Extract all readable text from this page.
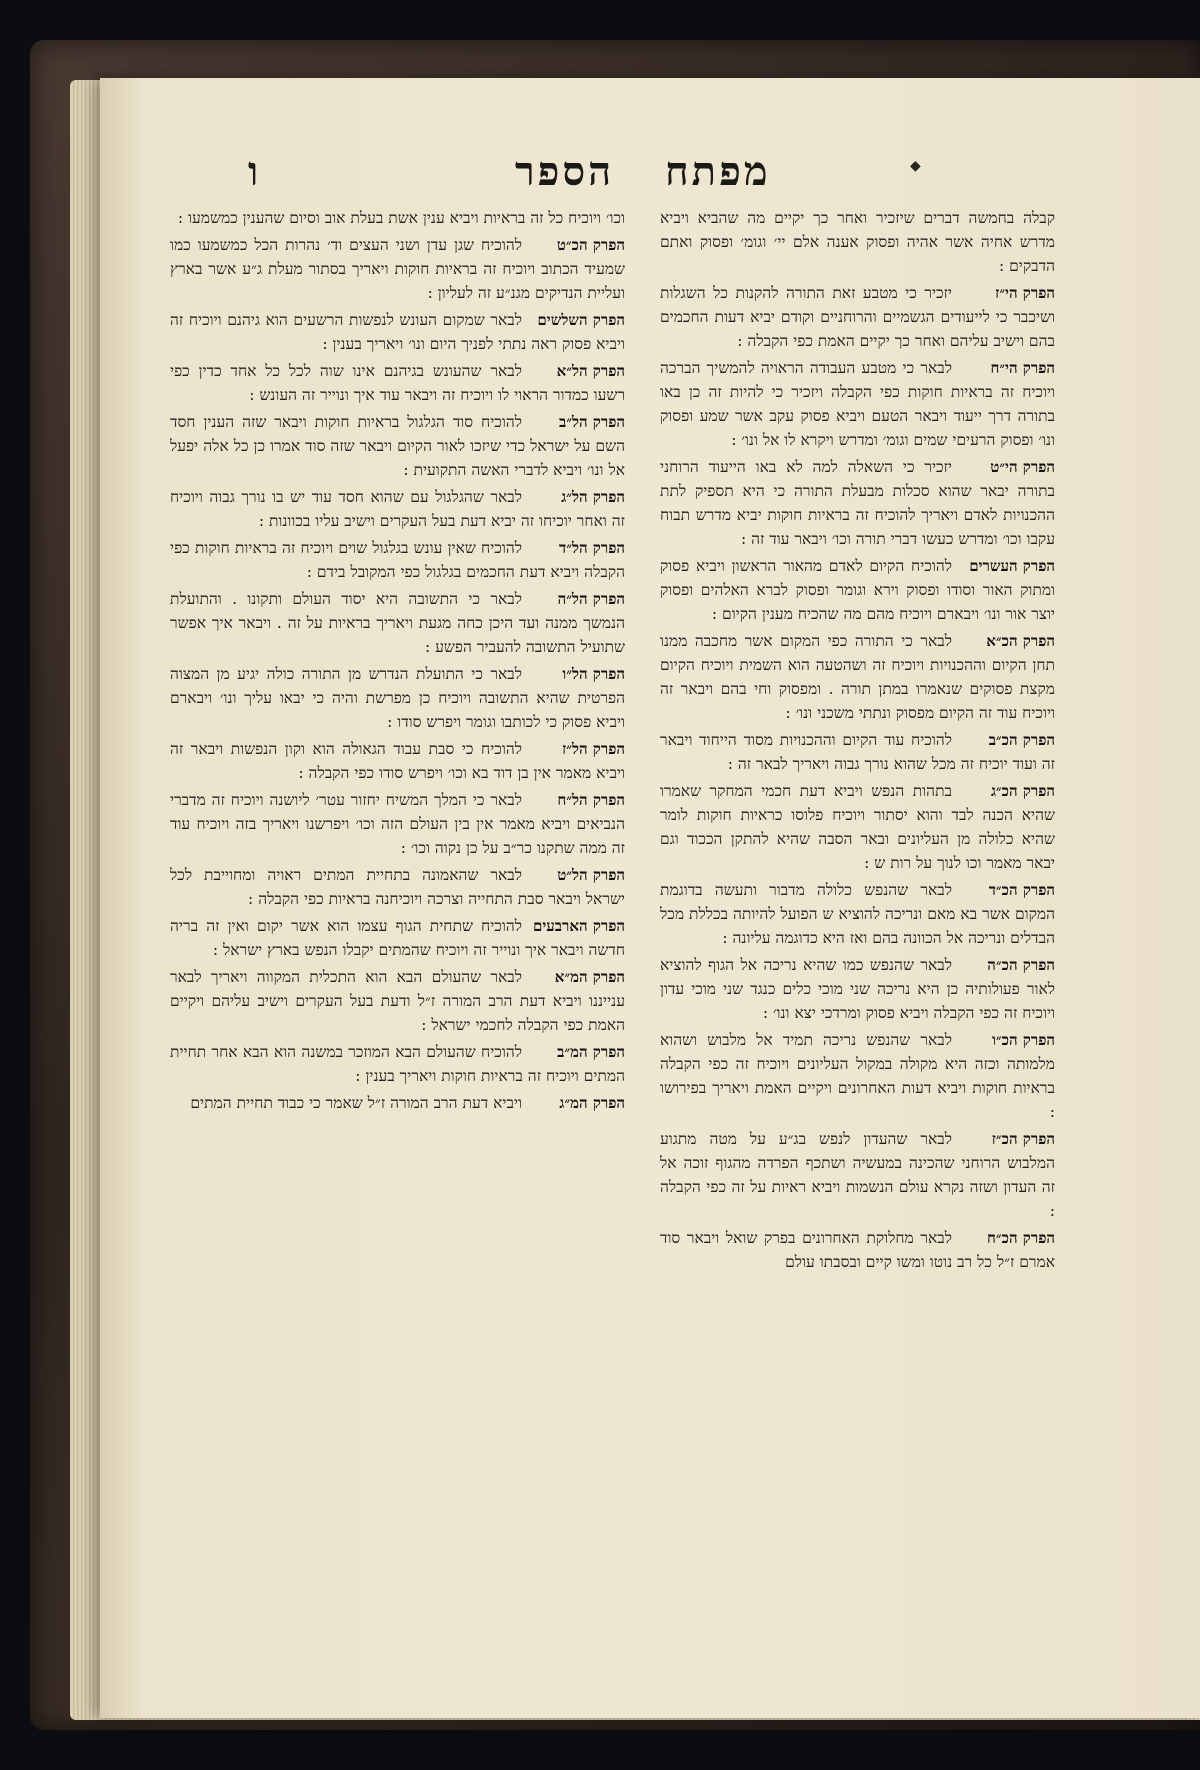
ו	הספר מפתח	◆
קבלה בחמשה דברים שיזכיר ואחר כך יקיים מה שהביא ויביא מדרש אחיה אשר אהיה ופסוק אענה אלם יי׳ וגומ׳ ופסוק ואתם הדבקים :
הפרק הי״ז
יזכיר כי מטבע זאת התורה להקנות כל השגלות ושיכבר כי לייעודים הגשמיים והרוחניים וקודם יביא דעות החכמים בהם וישיב עליהם ואחר כך יקיים האמת כפי הקבלה :
הפרק הי״ח
לבאר כי מטבע העבודה הראויה להמשיך הברכה ויוכיח זה בראיות חוקות כפי הקבלה ויזכיר כי להיות זה כן באו בתורה דרך ייעוד ויבאר הטעם ויביא פסוק עקב אשר שמע ופסוק ונו׳ ופסוק הרעיםי שמים וגומ׳ ומדרש ויקרא לו אל ונו׳ :
הפרק הי״ט
יזכיר כי השאלה למה לא באו הייעוד הרוחני בתורה יבאר שהוא סכלות מבעלת התורה כי היא תספיק לתת ההכנויות לאדם ויאריך להוכיח זה בראיות חוקות יביא מדרש תבוח עקבו וכו׳ ומדרש כעשו דברי תורה וכו׳ ויבאר עוד זה :
הפרק העשרים
להוכיח הקיום לאדם מהאור הראשון ויביא פסוק ומתוק האור וסודו ופסוק וירא וגומר ופסוק לברא האלהים ופסוק יוצר אור ונו׳ ויבארם ויוכיח מהם מה שהכיח מענין הקיום :
הפרק הכ״א
לבאר כי התורה כפי המקום אשר מחכבה ממנו תחן הקיום וההכנויות ויוכיח זה ושהטעה הוא השמית ויוכיח הקיום מקצת פסוקים שנאמרו במתן תורה . ומפסוק וחי בהם ויבאר זה ויוכיח עוד זה הקיום מפסוק ונתתי משכני ונו׳ :
הפרק הכ״ב
להוכיח עוד הקיום וההכנויות מסוד הייחוד ויבאר זה ועוד יוכיח זה מכל שהוא נורך גבוה ויאריך לבאר זה :
הפרק הכ״ג
בתהות הנפש ויביא דעת חכמי המחקר שאמרו שהיא הכנה לבד והוא יסתור ויוכיח פלוסו כראיות חוקות לומר שהיא כלולה מן העליונים ובאר הסבה שהיא להתקן הככוד וגם יבאר מאמר וכו לנוך על רות ש :
הפרק הכ״ד
לבאר שהנפש כלולה מדבור ותעשה בדוגמת המקום אשר בא מאם ונריכה להוציא ש הפועל להיותה בכללת מכל הבדלים ונריכה אל הכוונה בהם ואז היא כדוגמה עליונה :
הפרק הכ״ה
לבאר שהנפש כמו שהיא נריכה אל הגוף להוציא לאור פעולותיה כן היא נריכה שני מוכי כלים כנגד שני מוכי עדון ויוכיח זה כפי הקבלה ויביא פסוק ומרדכי יצא ונו׳ :
הפרק הכ״ו
לבאר שהנפש נריכה תמיד אל מלבוש ושהוא מלמותה וכזה היא מקולה במקול העליונים ויוכיח זה כפי הקבלה בראיות חוקות ויביא דעות האחרונים ויקיים האמת ויאריך בפירושו :
הפרק הכ״ז
לבאר שהעדון לנפש בג״ע על מטה מתגוע המלבוש הרוחני שהכינה במעשיה ושתכף הפרדה מהגוף זוכה אל זה העדון ושזה נקרא עולם הנשמות ויביא ראיות על זה כפי הקבלה :
הפרק הכ״ח
לבאר מחלוקת האחרונים בפרק שואל ויבאר סוד אמרם ז״ל כל רב נוטו ומשו קיים ובסבתו עולם
וכו׳ ויוכיח כל זה בראיות ויביא ענין אשת בעלת אוב וסיום שהענין כמשמעו :
הפרק הכ״ט
להוכיח שגן עדן ושני העצים וד׳ נהרות הכל כמשמעו כמו שמעיד הכתוב ויוכיח זה בראיות חוקות ויאריך בסתור מעלת ג״ע אשר בארץ ועליית הנדיקים מגנ״ע זה לעליון :
הפרק השלשים
לבאר שמקום העונש לנפשות הרשעים הוא גיהנם ויוכיח זה ויביא פסוק ראה נתתי לפניך היום ונו׳ ויאריך בענין :
הפרק הל״א
לבאר שהעונש בגיהנם אינו שוה לכל כל אחד כדין כפי רשעו כמדור הראוי לו ויוכיח זה ויבאר עוד איך ונוייר זה העונש :
הפרק הל״ב
להוכיח סוד הגלגול בראיות חוקות ויבאר שזה הענין חסד השם על ישראל כדי שיזכו לאור הקיום ויבאר שזה סוד אמרו כן כל אלה יפעל אל ונו׳ ויביא לדברי האשה התקועית :
הפרק הל״ג
לבאר שהגלגול עם שהוא חסד עוד יש בו נורך גבוה ויוכיח זה ואחר יוכיחו זה יביא דעת בעל העקרים וישיב עליו בכוונות :
הפרק הל״ד
להוכיח שאין עונש בגלגול שוים ויוכיח זה בראיות חוקות כפי הקבלה ויביא דעת החכמים בגלגול כפי המקובל בידם :
הפרק הל״ה
לבאר כי התשובה היא יסוד העולם ותקונו . והתועלת הנמשך ממנה ועד היכן כחה מגעת ויאריך בראיות על זה . ויבאר איך אפשר שתועיל התשובה להעביר הפשע :
הפרק הל״ו
לבאר כי התועלת הנדרש מן התורה כולה יגיע מן המצוה הפרטית שהיא התשובה ויוכיח כן מפרשת והיה כי יבאו עליך ונו׳ ויבארם ויביא פסוק כי לכותבו וגומר ויפרש סודו :
הפרק הל״ז
להוכיח כי סבת עבוד הגאולה הוא וקון הנפשות ויבאר זה ויביא מאמר אין בן דוד בא וכו׳ ויפרש סודו כפי הקבלה :
הפרק הל״ח
לבאר כי המלך המשיח יחזור עטר׳ ליושנה ויוכיח זה מדברי הנביאים ויביא מאמר אין בין העולם הזה וכו׳ ויפרשנו ויאריך בזה ויוכיח עוד זה ממה שתקנו כר״ב על כן נקוה וכו׳ :
הפרק הל״ט
לבאר שהאמונה בתחיית המתים ראויה ומחוייבת לכל ישראל ויבאר סבת התחייה וצרכה ויוכיחנה בראיות כפי הקבלה :
הפרק הארבעים
להוכיח שתחית הגוף עצמו הוא אשר יקום ואין זה בריה חדשה ויבאר איך ונוייר זה ויוכיח שהמתים יקבלו הנפש בארץ ישראל :
הפרק המ״א
לבאר שהעולם הבא הוא התכלית המקווה ויאריך לבאר ענייננו ויביא דעת הרב המורה ז״ל ודעת בעל העקרים וישיב עליהם ויקיים האמת כפי הקבלה לחכמי ישראל :
הפרק המ״ב
להוכיח שהעולם הבא המוזכר במשנה הוא הבא אחר תחיית המתים ויוכיח זה בראיות חוקות ויאריך בענין :
הפרק המ״ג
ויביא דעת הרב המורה ז״ל שאמר כי כבוד תחיית המתים
